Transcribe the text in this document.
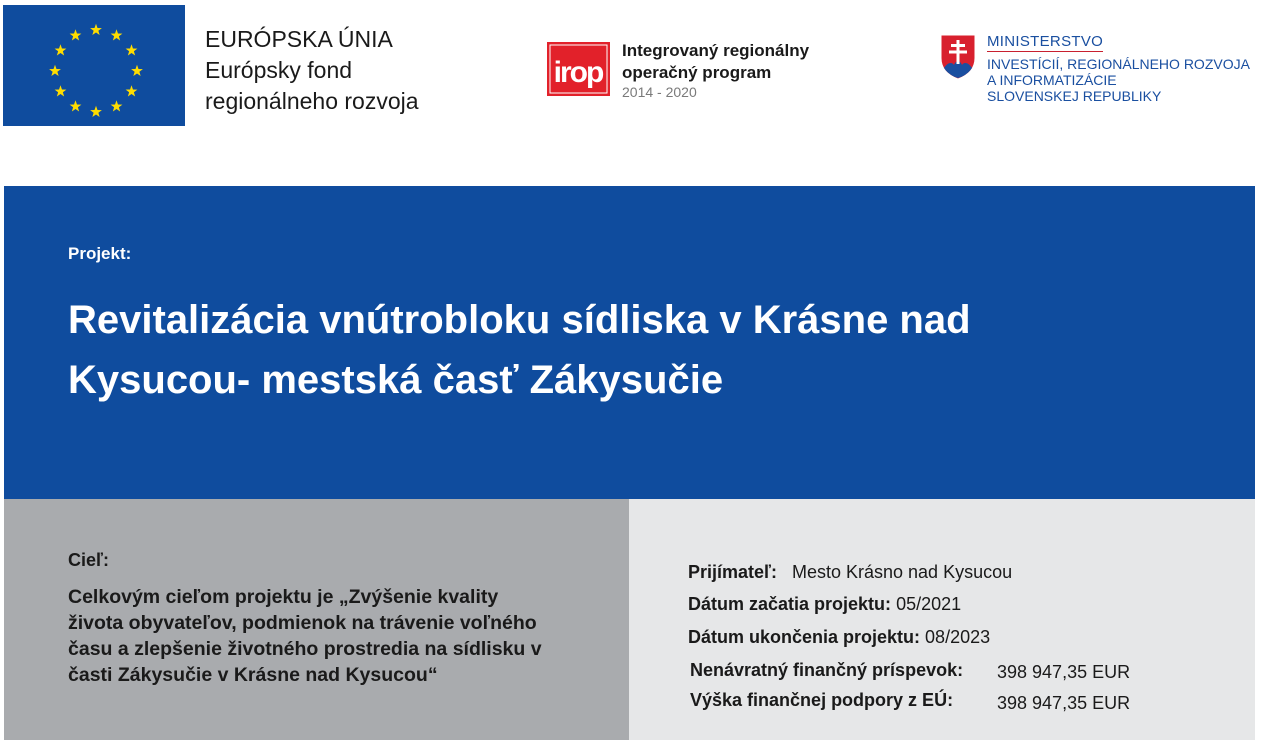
EURÓPSKA ÚNIA
Európsky fond
regionálneho rozvoja
irop
Integrovaný regionálny
operačný program
2014 - 2020
MINISTERSTVO
INVESTÍCIÍ, REGIONÁLNEHO ROZVOJA
A INFORMATIZÁCIE
SLOVENSKEJ REPUBLIKY
Projekt:
Revitalizácia vnútrobloku sídliska v Krásne nad
Kysucou- mestská časť Zákysučie
Cieľ:
Celkovým cieľom projektu je „Zvýšenie kvality
života obyvateľov, podmienok na trávenie voľného
času a zlepšenie životného prostredia na sídlisku v
časti Zákysučie v Krásne nad Kysucou“
Prijímateľ: Mesto Krásno nad Kysucou
Dátum začatia projektu: 05/2021
Dátum ukončenia projektu: 08/2023
Nenávratný finančný príspevok: 398 947,35 EUR
Výška finančnej podpory z EÚ: 398 947,35 EUR
